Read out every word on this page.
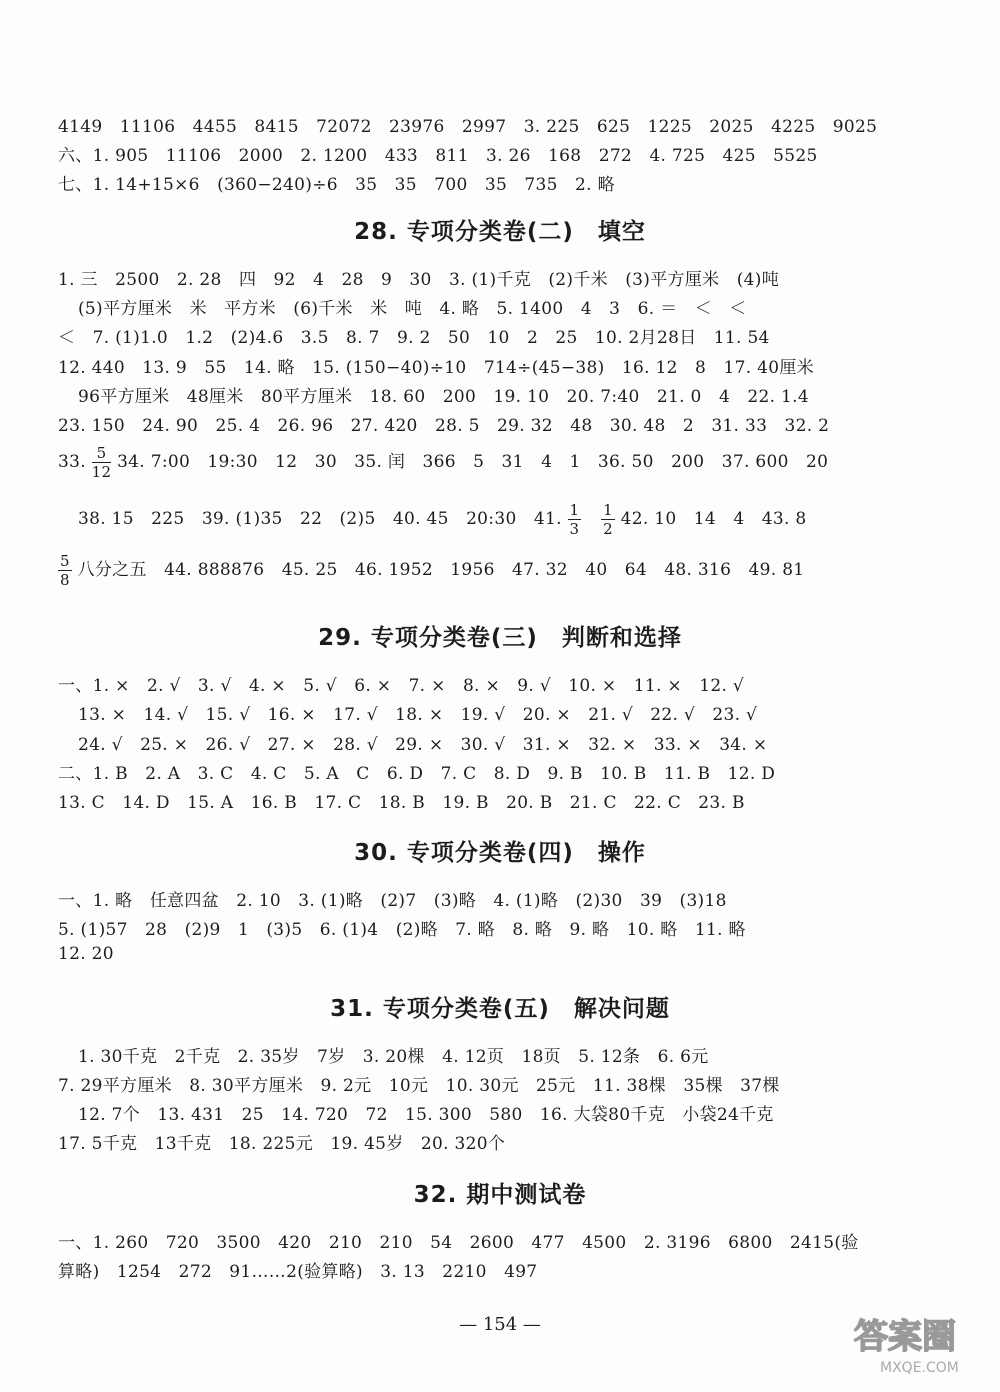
4149　11106　4455　8415　72072　23976　2997　3. 225　625　1225　2025　4225　9025
六、1. 905　11106　2000　2. 1200　433　811　3. 26　168　272　4. 725　425　5525
七、1. 14+15×6　(360−240)÷6　35　35　700　35　735　2. 略
28. 专项分类卷(二)　填空
1. 三　2500　2. 28　四　92　4　28　9　30　3. (1)千克　(2)千米　(3)平方厘米　(4)吨
(5)平方厘米　米　平方米　(6)千米　米　吨　4. 略　5. 1400　4　3　6. ＝　＜　＜
＜　7. (1)1.0　1.2　(2)4.6　3.5　8. 7　9. 2　50　10　2　25　10. 2月28日　11. 54
12. 440　13. 9　55　14. 略　15. (150−40)÷10　714÷(45−38)　16. 12　8　17. 40厘米
96平方厘米　48厘米　80平方厘米　18. 60　200　19. 10　20. 7:40　21. 0　4　22. 1.4
23. 150　24. 90　25. 4　26. 96　27. 420　28. 5　29. 32　48　30. 48　2　31. 33　32. 2
33. $\frac{5}{12} 34$. 7:00　19:30　12　30　35. 闰　366　5　31　4　1　36. 50　200　37. 600　20
38. 15　225　39. (1)35　22　(2)5　40. 45　20:30　41. $\frac{1}{3}$
$\frac{1}{2} 42$. 10　14　4　43. 8
$\frac{5}{8}$ 八分之五　44. 888876　45. 25　46. 1952　1956　47. 32　40　64　48. 316　49. 81
29. 专项分类卷(三)　判断和选择
一、1. ×　2. √　3. √　4. ×　5. √　6. ×　7. ×　8. ×　9. √　10. ×　11. ×　12. √
13. ×　14. √　15. √　16. ×　17. √　18. ×　19. √　20. ×　21. √　22. √　23. √
24. √　25. ×　26. √　27. ×　28. √　29. ×　30. √　31. ×　32. ×　33. ×　34. ×
二、1. B　2. A　3. C　4. C　5. A　C　6. D　7. C　8. D　9. B　10. B　11. B　12. D
13. C　14. D　15. A　16. B　17. C　18. B　19. B　20. B　21. C　22. C　23. B
30. 专项分类卷(四)　操作
一、1. 略　任意四盆　2. 10　3. (1)略　(2)7　(3)略　4. (1)略　(2)30　39　(3)18
5. (1)57　28　(2)9　1　(3)5　6. (1)4　(2)略　7. 略　8. 略　9. 略　10. 略　11. 略
12. 20
31. 专项分类卷(五)　解决问题
1. 30千克　2千克　2. 35岁　7岁　3. 20棵　4. 12页　18页　5. 12条　6. 6元
7. 29平方厘米　8. 30平方厘米　9. 2元　10元　10. 30元　25元　11. 38棵　35棵　37棵
12. 7个　13. 431　25　14. 720　72　15. 300　580　16. 大袋80千克　小袋24千克
17. 5千克　13千克　18. 225元　19. 45岁　20. 320个
32. 期中测试卷
一、1. 260　720　3500　420　210　210　54　2600　477　4500　2. 3196　6800　2415(验
算略)　1254　272　91……2(验算略)　3. 13　2210　497
— 154 —	答案圈
MXQE.COM
